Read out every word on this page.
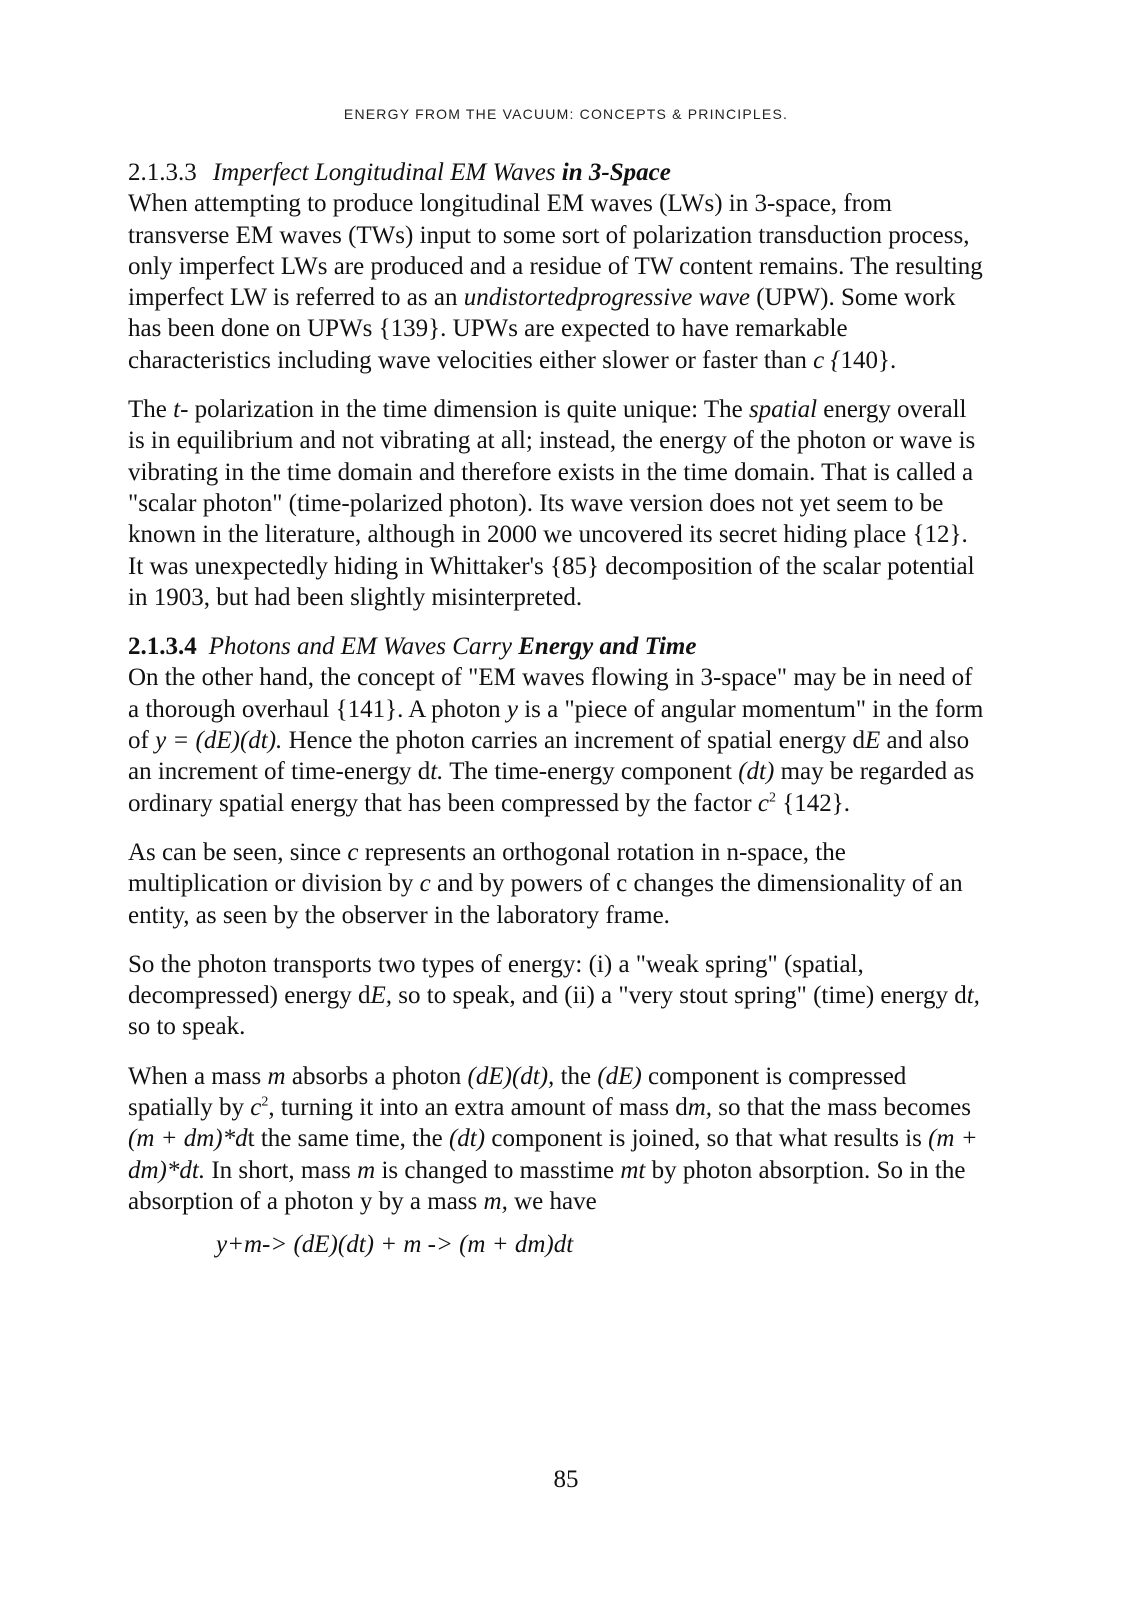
ENERGY FROM THE VACUUM: CONCEPTS & PRINCIPLES.
2.1.3.3 Imperfect Longitudinal EM Waves in 3-Space

When attempting to produce longitudinal EM waves (LWs) in 3-space, from transverse EM waves (TWs) input to some sort of polarization transduction process, only imperfect LWs are produced and a residue of TW content remains. The resulting imperfect LW is referred to as an undistortedprogressive wave (UPW). Some work has been done on UPWs {139}. UPWs are expected to have remarkable characteristics including wave velocities either slower or faster than c {140}.

The t- polarization in the time dimension is quite unique: The spatial energy overall is in equilibrium and not vibrating at all; instead, the energy of the photon or wave is vibrating in the time domain and therefore exists in the time domain. That is called a "scalar photon" (time-polarized photon). Its wave version does not yet seem to be known in the literature, although in 2000 we uncovered its secret hiding place {12}. It was unexpectedly hiding in Whittaker's {85} decomposition of the scalar potential in 1903, but had been slightly misinterpreted.

2.1.3.4 Photons and EM Waves Carry Energy and Time

On the other hand, the concept of "EM waves flowing in 3-space" may be in need of a thorough overhaul {141}. A photon y is a "piece of angular momentum" in the form of y = (dE)(dt). Hence the photon carries an increment of spatial energy dE and also an increment of time-energy dt. The time-energy component (dt) may be regarded as ordinary spatial energy that has been compressed by the factor $c^2$ {142}.

As can be seen, since c represents an orthogonal rotation in n-space, the multiplication or division by c and by powers of c changes the dimensionality of an entity, as seen by the observer in the laboratory frame.

So the photon transports two types of energy: (i) a "weak spring" (spatial, decompressed) energy dE, so to speak, and (ii) a "very stout spring" (time) energy dt, so to speak.

When a mass m absorbs a photon (dE)(dt), the (dE) component is compressed spatially by $c^2$, turning it into an extra amount of mass dm, so that the mass becomes (m + dm)*dt the same time, the (dt) component is joined, so that what results is (m + dm)*dt. In short, mass m is changed to masstime mt by photon absorption. So in the absorption of a photon y by a mass m, we have

y+m-> (dE)(dt) + m -> (m + dm)dt
85
